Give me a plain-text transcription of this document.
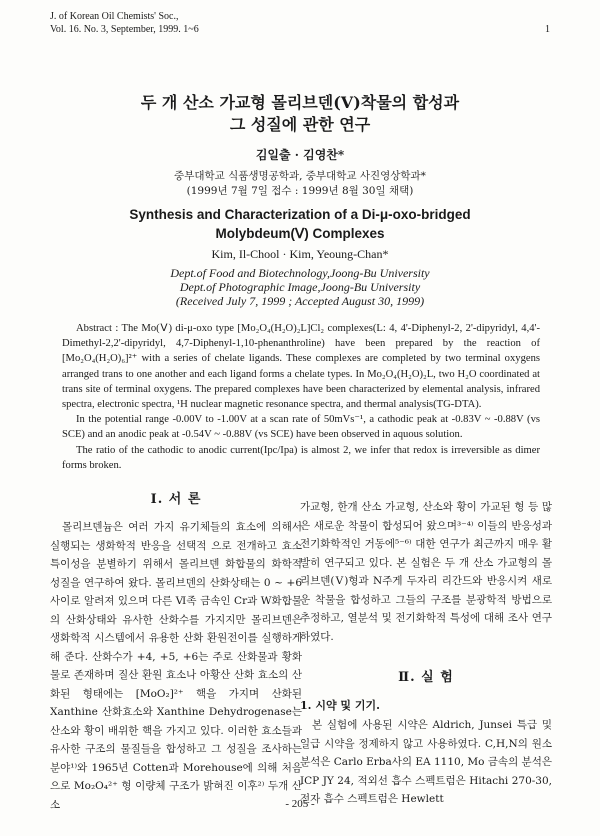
J. of Korean Oil Chemists' Soc.,
Vol. 16. No. 3, September, 1999. 1~6	1
두 개 산소 가교형 몰리브덴(Ⅴ)착물의 합성과
그 성질에 관한 연구
김일출 · 김영찬*
중부대학교 식품생명공학과, 중부대학교 사진영상학과*
(1999년 7월 7일 접수 : 1999년 8월 30일 채택)
Synthesis and Characterization of a Di-μ-oxo-bridged
Molybdeum(Ⅴ) Complexes
Kim, Il-Chool · Kim, Yeoung-Chan*
Dept.of Food and Biotechnology,Joong-Bu University
Dept.of Photographic Image,Joong-Bu University
(Received July 7, 1999 ; Accepted August 30, 1999)

Abstract : The Mo(Ⅴ) di-μ-oxo type [Mo₂O₄(H₂O)₂L]Cl₂ complexes(L: 4, 4'-Diphenyl-2, 2'-dipyridyl, 4,4'-Dimethyl-2,2'-dipyridyl, 4,7-Diphenyl-1,10-phenanthroline) have been prepared by the reaction of [Mo₂O₄(H₂O)₆]²⁺ with a series of chelate ligands. These complexes are completed by two terminal oxygens arranged trans to one another and each ligand forms a chelate types. In Mo₂O₄(H₂O)₂L, two H₂O coordinated at trans site of terminal oxygens. The prepared complexes have been characterized by elemental analysis, infrared spectra, electronic spectra, ¹H nuclear magnetic resonance spectra, and thermal analysis(TG-DTA).

In the potential range -0.00V to -1.00V at a scan rate of 50mVs⁻¹, a cathodic peak at -0.83V ~ -0.88V (vs SCE) and an anodic peak at -0.54V ~ -0.88V (vs SCE) have been observed in aquous solution.

The ratio of the cathodic to anodic current(Ipc/Ipa) is almost 2, we infer that redox is irreversible as dimer forms broken.

Ⅰ. 서 론

몰리브덴늄은 여러 가지 유기체들의 효소에 의해서 실행되는 생화학적 반응을 선택적 으로 전개하고 효소 특이성을 분별하기 위해서 몰리브덴 화합물의 화학적 성질을 연구하여 왔다. 몰리브덴의 산화상태는 0 ~ +6사이로 알려져 있으며 다른 Ⅵ족 금속인 Cr과 W화합물의 산화상태와 유사한 산화수를 가지지만 몰리브덴은 생화학적 시스템에서 유용한 산화 환원전이를 실행하게 해 준다. 산화수가 +4, +5, +6는 주로 산화물과 황화물로 존재하며 질산 환원 효소나 아황산 산화 효소의 산화된 형태에는 [MoO₂]²⁺ 핵을 가지며 산화된 Xanthine 산화효소와 Xanthine Dehydrogenase는 산소와 황이 배위한 핵을 가지고 있다. 이러한 효소들과 유사한 구조의 물질들을 합성하고 그 성질을 조사하는 분야¹⁾와 1965년 Cotten과 Morehouse에 의해 처음으로 Mo₂O₄²⁺ 형 이량체 구조가 밝혀진 이후²⁾ 두개 산소

가교형, 한개 산소 가교형, 산소와 황이 가교된 형 등 많은 새로운 착물이 합성되어 왔으며³⁻⁴⁾ 이들의 반응성과 전기화학적인 거동에⁵⁻⁶⁾ 대한 연구가 최근까지 매우 활발히 연구되고 있다. 본 실험은 두 개 산소 가교형의 몰리브덴(Ⅴ)형과 N주게 두자리 리간드와 반응시켜 새로운 착물을 합성하고 그들의 구조를 분광학적 방법으로 추정하고, 열분석 및 전기화학적 특성에 대해 조사 연구하였다.

Ⅱ. 실 험
1. 시약 및 기기.

본 실험에 사용된 시약은 Aldrich, Junsei 특급 및 일급 시약을 정제하지 않고 사용하였다. C,H,N의 원소 분석은 Carlo Erba사의 EA 1110, Mo 금속의 분석은 ICP JY 24, 적외선 흡수 스펙트럼은 Hitachi 270-30, 전자 흡수 스펙트럼은 Hewlett

- 205 -
